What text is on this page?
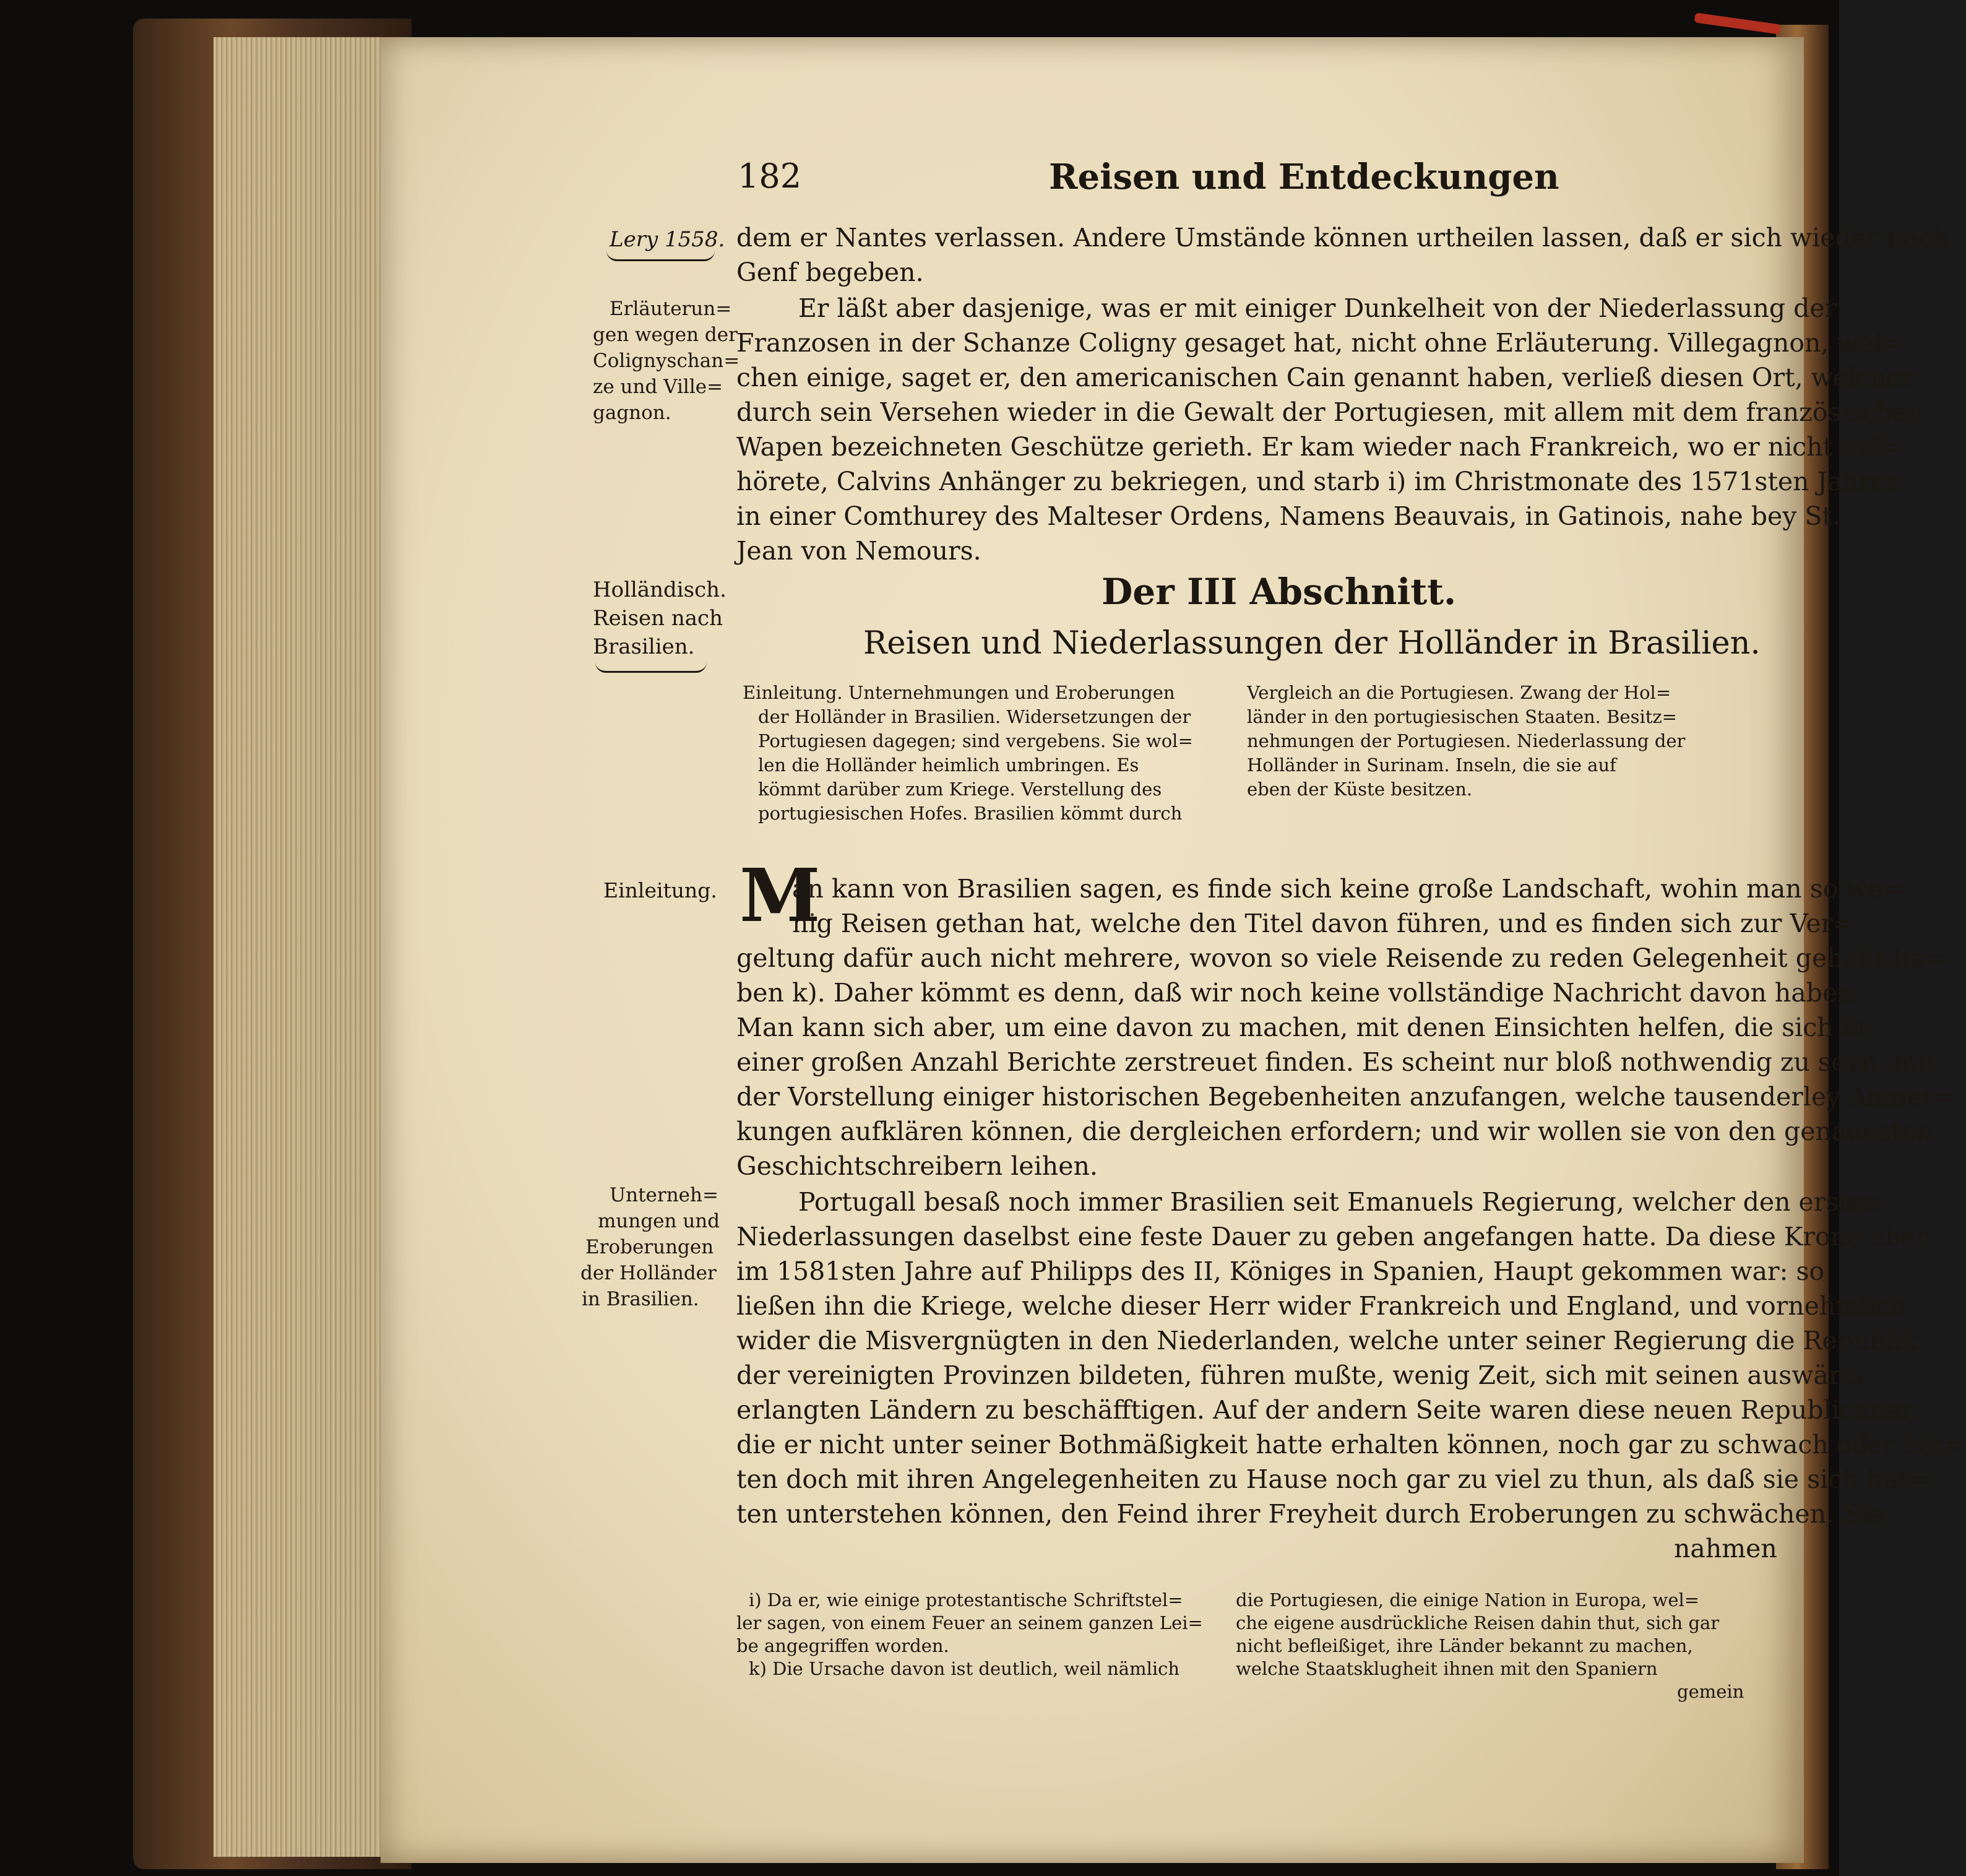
182	Reisen und Entdeckungen
Lery 1558.
Erläuterun=
gen wegen der
Colignyschan=
ze und Ville=
gagnon.
Holländisch.
Reisen nach
Brasilien.
Einleitung.
Unterneh=
mungen und
Eroberungen
der Holländer
in Brasilien.
dem er Nantes verlassen. Andere Umstände können urtheilen lassen, daß er sich wieder nach
Genf begeben.
Er läßt aber dasjenige, was er mit einiger Dunkelheit von der Niederlassung der
Franzosen in der Schanze Coligny gesaget hat, nicht ohne Erläuterung. Villegagnon, wel=
chen einige, saget er, den americanischen Cain genannt haben, verließ diesen Ort, welcher
durch sein Versehen wieder in die Gewalt der Portugiesen, mit allem mit dem französischen
Wapen bezeichneten Geschütze gerieth. Er kam wieder nach Frankreich, wo er nicht auf=
hörete, Calvins Anhänger zu bekriegen, und starb i) im Christmonate des 1571sten Jahres
in einer Comthurey des Malteser Ordens, Namens Beauvais, in Gatinois, nahe bey St.
Jean von Nemours.
Der III Abschnitt.
Reisen und Niederlassungen der Holländer in Brasilien.
Einleitung. Unternehmungen und Eroberungen
der Holländer in Brasilien. Widersetzungen der
Portugiesen dagegen; sind vergebens. Sie wol=
len die Holländer heimlich umbringen. Es
kömmt darüber zum Kriege. Verstellung des
portugiesischen Hofes. Brasilien kömmt durch
Vergleich an die Portugiesen. Zwang der Hol=
länder in den portugiesischen Staaten. Besitz=
nehmungen der Portugiesen. Niederlassung der
Holländer in Surinam. Inseln, die sie auf
eben der Küste besitzen.
M
an kann von Brasilien sagen, es finde sich keine große Landschaft, wohin man so we=
nig Reisen gethan hat, welche den Titel davon führen, und es finden sich zur Ver=
geltung dafür auch nicht mehrere, wovon so viele Reisende zu reden Gelegenheit gehabt ha=
ben k). Daher kömmt es denn, daß wir noch keine vollständige Nachricht davon haben.
Man kann sich aber, um eine davon zu machen, mit denen Einsichten helfen, die sich in
einer großen Anzahl Berichte zerstreuet finden. Es scheint nur bloß nothwendig zu seyn, mit
der Vorstellung einiger historischen Begebenheiten anzufangen, welche tausenderley Anmer=
kungen aufklären können, die dergleichen erfordern; und wir wollen sie von den genauesten
Geschichtschreibern leihen.
Portugall besaß noch immer Brasilien seit Emanuels Regierung, welcher den ersten
Niederlassungen daselbst eine feste Dauer zu geben angefangen hatte. Da diese Krone aber
im 1581sten Jahre auf Philipps des II, Königes in Spanien, Haupt gekommen war: so
ließen ihn die Kriege, welche dieser Herr wider Frankreich und England, und vornehmlich
wider die Misvergnügten in den Niederlanden, welche unter seiner Regierung die Republik
der vereinigten Provinzen bildeten, führen mußte, wenig Zeit, sich mit seinen auswärts
erlangten Ländern zu beschäfftigen. Auf der andern Seite waren diese neuen Republicaner,
die er nicht unter seiner Bothmäßigkeit hatte erhalten können, noch gar zu schwach oder hät=
ten doch mit ihren Angelegenheiten zu Hause noch gar zu viel zu thun, als daß sie sich hät=
ten unterstehen können, den Feind ihrer Freyheit durch Eroberungen zu schwächen. Sie
nahmen
i) Da er, wie einige protestantische Schriftstel=
ler sagen, von einem Feuer an seinem ganzen Lei=
be angegriffen worden.
k) Die Ursache davon ist deutlich, weil nämlich
die Portugiesen, die einige Nation in Europa, wel=
che eigene ausdrückliche Reisen dahin thut, sich gar
nicht befleißiget, ihre Länder bekannt zu machen,
welche Staatsklugheit ihnen mit den Spaniern
gemein
